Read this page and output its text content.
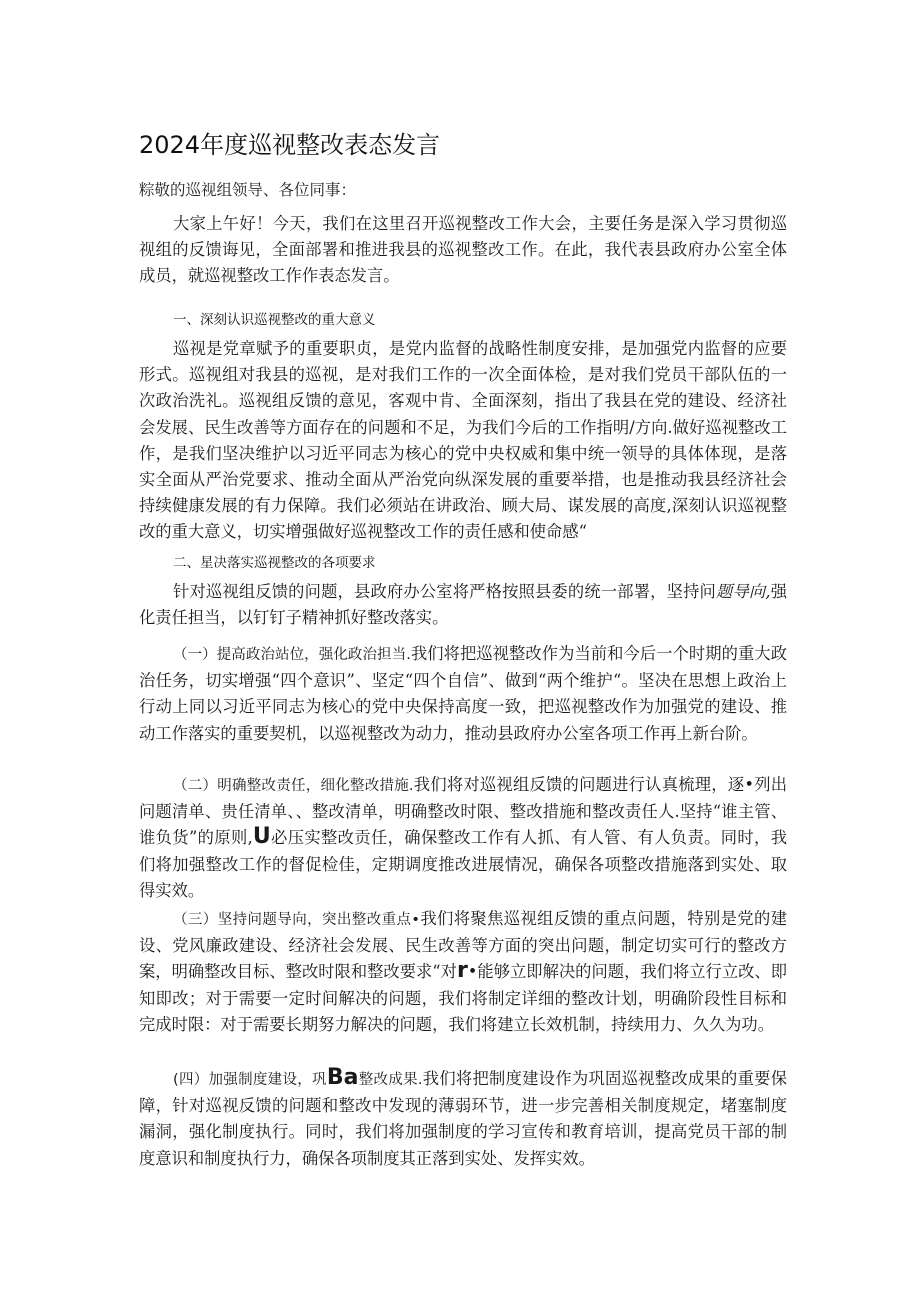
2024年度巡视整改表态发言
粽敬的巡视组领导、各位同事：

大家上午好！今天，我们在这里召开巡视整改工作大会，主要任务是深入学习贯彻巡视组的反馈诲见，全面部署和推进我县的巡视整改工作。在此，我代表县政府办公室全体成员，就巡视整改工作作表态发言。

一、深刻认识巡视整改的重大意义

巡视是党章赋予的重要职贞，是党内监督的战略性制度安排，是加强党内监督的应要形式。巡视组对我县的巡视，是对我们工作的一次全面体检，是对我们党员干部队伍的一次政治洗礼。巡视组反馈的意见，客观中肯、全面深刻，指出了我县在党的建设、经济社会发展、民生改善等方面存在的问题和不足，为我们今后的工作指明/方向.做好巡视整改工作，是我们坚决维护以习近平同志为核心的党中央权威和集中统一领导的具体体现，是落实全面从严治党要求、推动全面从严治党向纵深发展的重要举措，也是推动我县经济社会持续健康发展的有力保障。我们必须站在讲政治、顾大局、谋发展的高度,深刻认识巡视整改的重大意义，切实增强做好巡视整改工作的责任感和使命感“

二、星决落实巡视整改的各项要求

针对巡视组反馈的问题，县政府办公室将严格按照县委的统一部署，坚持问题导向,强化责任担当，以钉钉子精神抓好整改落实。

（一）提高政治站位，强化政治担当.我们将把巡视整改作为当前和今后一个时期的重大政治任务，切实增强“四个意识”、坚定“四个自信”、做到“两个维护“。坚决在思想上政治上行动上同以习近平同志为核心的党中央保持高度一致，把巡视整改作为加强党的建设、推动工作落实的重要契机，以巡视整改为动力，推动县政府办公室各项工作再上新台阶。

（二）明确整改责任，细化整改措施.我们将对巡视组反馈的问题进行认真梳理，逐•列出问题清单、贵任清单、、整改清单，明确整改时限、整改措施和整改责任人.坚持“谁主管、谁负货”的原则,U必压实整改贡任，确保整改工作有人抓、有人管、有人负责。同时，我们将加强整改工作的督促检佳，定期调度推改进展情况，确保各项整改措施落到实处、取得实效。

（三）坚持问题导向，突出整改重点•我们将聚焦巡视组反馈的重点问题，特别是党的建设、党风廉政建设、经济社会发展、民生改善等方面的突出问题，制定切实可行的整改方案，明确整改目标、整改时限和整改要求“对r•能够立即解决的问题，我们将立行立改、即知即改；对于需要一定时间解决的问题，我们将制定详细的整改计划，明确阶段性目标和完成时限：对于需要长期努力解决的问题，我们将建立长效机制，持续用力、久久为功。

(四）加强制度建设，巩Ba整改成果.我们将把制度建设作为巩固巡视整改成果的重要保障，针对巡视反馈的问题和整改中发现的薄弱环节，进一步完善相关制度规定，堵塞制度漏洞，强化制度执行。同时，我们将加强制度的学习宣传和教育培训，提高党员干部的制度意识和制度执行力，确保各项制度其正落到实处、发挥实效。
